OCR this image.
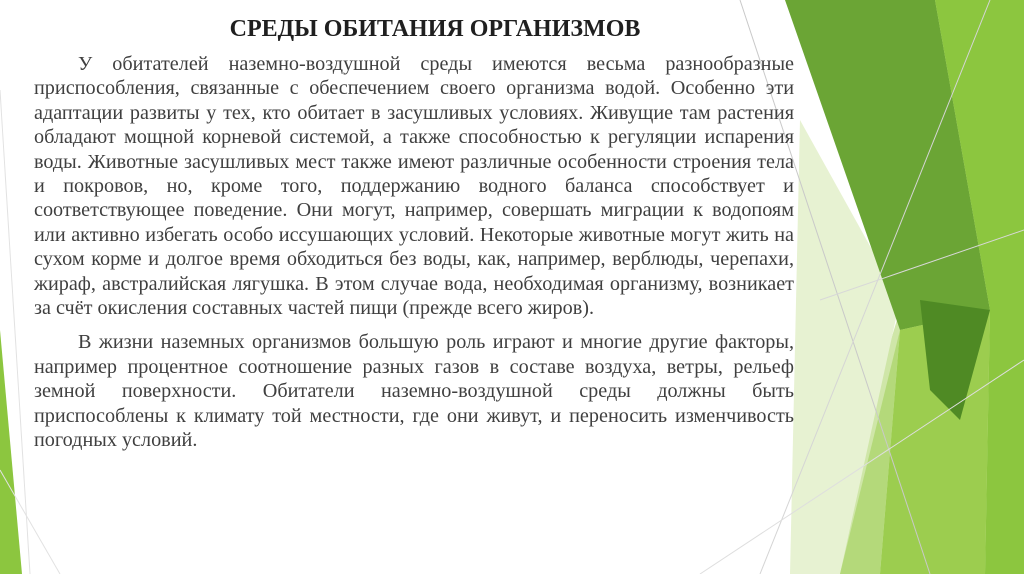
СРЕДЫ ОБИТАНИЯ ОРГАНИЗМОВ

У обитателей наземно-воздушной среды имеются весьма разнообразные приспособления, связанные с обеспечением своего организма водой. Особенно эти адаптации развиты у тех, кто обитает в засушливых условиях. Живущие там растения обладают мощной корневой системой, а также способностью к регуляции испарения воды. Животные засушливых мест также имеют различные особенности строения тела и покровов, но, кроме того, поддержанию водного баланса способствует и соответствующее поведение. Они могут, например, совершать миграции к водопоям или активно избегать особо иссушающих условий. Некоторые животные могут жить на сухом корме и долгое время обходиться без воды, как, например, верблюды, черепахи, жираф, австралийская лягушка. В этом случае вода, необходимая организму, возникает за счёт окисления составных частей пищи (прежде всего жиров).

В жизни наземных организмов большую роль играют и многие другие факторы, например процентное соотношение разных газов в составе воздуха, ветры, рельеф земной поверхности. Обитатели наземно-воздушной среды должны быть приспособлены к климату той местности, где они живут, и переносить изменчивость погодных условий.
